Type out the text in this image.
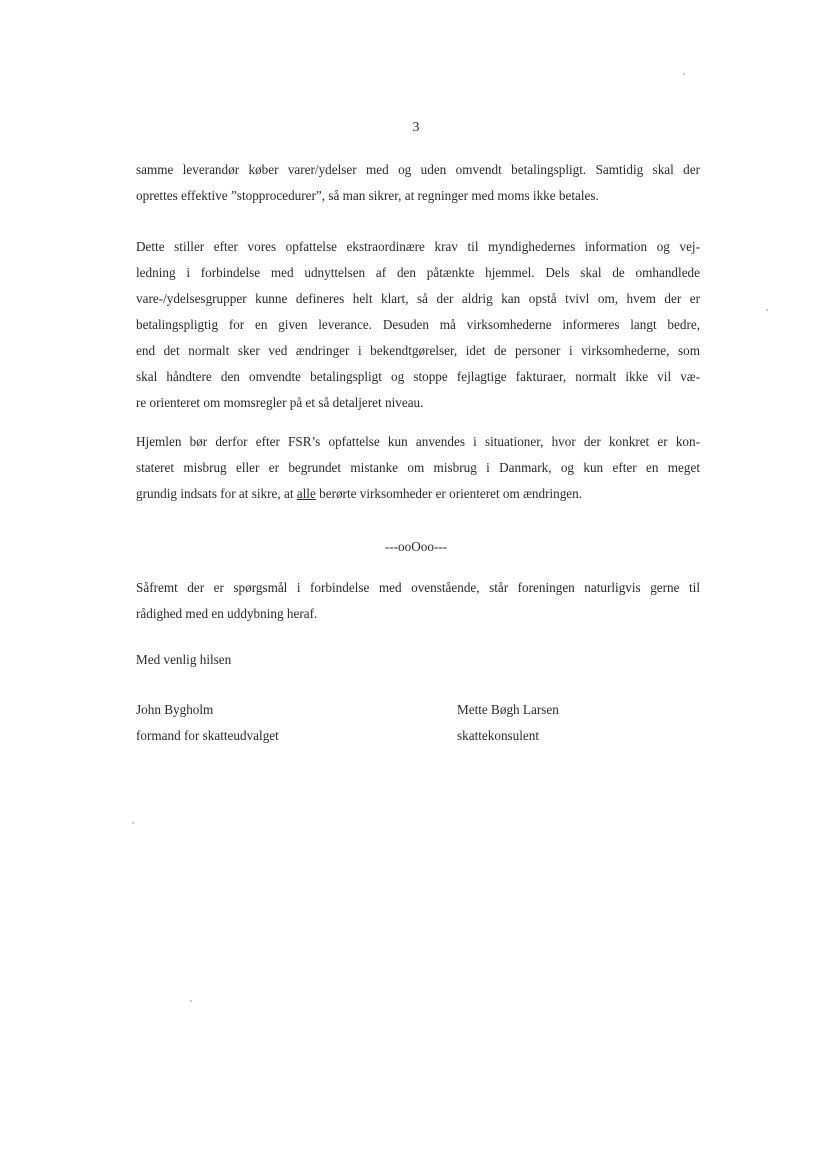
3
samme leverandør køber varer/ydelser med og uden omvendt betalingspligt. Samtidig skal der
oprettes effektive ”stopprocedurer”, så man sikrer, at regninger med moms ikke betales.
Dette stiller efter vores opfattelse ekstraordinære krav til myndighedernes information og vej-
ledning i forbindelse med udnyttelsen af den påtænkte hjemmel. Dels skal de omhandlede
vare-/ydelsesgrupper kunne defineres helt klart, så der aldrig kan opstå tvivl om, hvem der er
betalingspligtig for en given leverance. Desuden må virksomhederne informeres langt bedre,
end det normalt sker ved ændringer i bekendtgørelser, idet de personer i virksomhederne, som
skal håndtere den omvendte betalingspligt og stoppe fejlagtige fakturaer, normalt ikke vil væ-
re orienteret om momsregler på et så detaljeret niveau.
Hjemlen bør derfor efter FSR’s opfattelse kun anvendes i situationer, hvor der konkret er kon-
stateret misbrug eller er begrundet mistanke om misbrug i Danmark, og kun efter en meget
grundig indsats for at sikre, at alle berørte virksomheder er orienteret om ændringen.
---ooOoo---
Såfremt der er spørgsmål i forbindelse med ovenstående, står foreningen naturligvis gerne til
rådighed med en uddybning heraf.
Med venlig hilsen
John Bygholm
formand for skatteudvalget
Mette Bøgh Larsen
skattekonsulent
